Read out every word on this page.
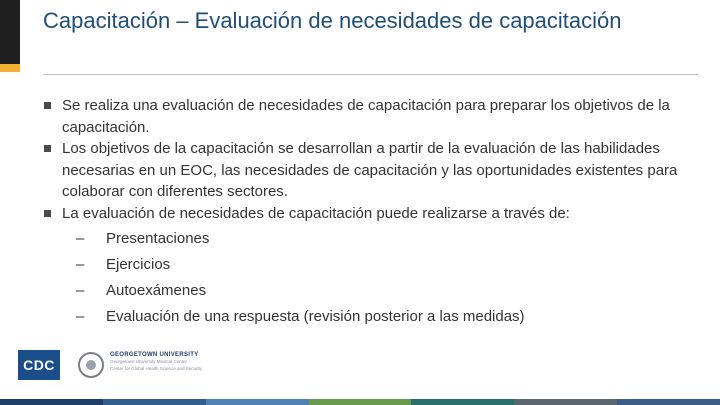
Capacitación – Evaluación de necesidades de capacitación
Se realiza una evaluación de necesidades de capacitación para preparar los objetivos de la capacitación.
Los objetivos de la capacitación se desarrollan a partir de la evaluación de las habilidades necesarias en un EOC, las necesidades de capacitación y las oportunidades existentes para colaborar con diferentes sectores.
La evaluación de necesidades de capacitación puede realizarse a través de:
– Presentaciones
– Ejercicios
– Autoexámenes
– Evaluación de una respuesta (revisión posterior a las medidas)
CDC
GEORGETOWN UNIVERSITY
Georgetown University Medical Center
Center for Global Health Science and Security
